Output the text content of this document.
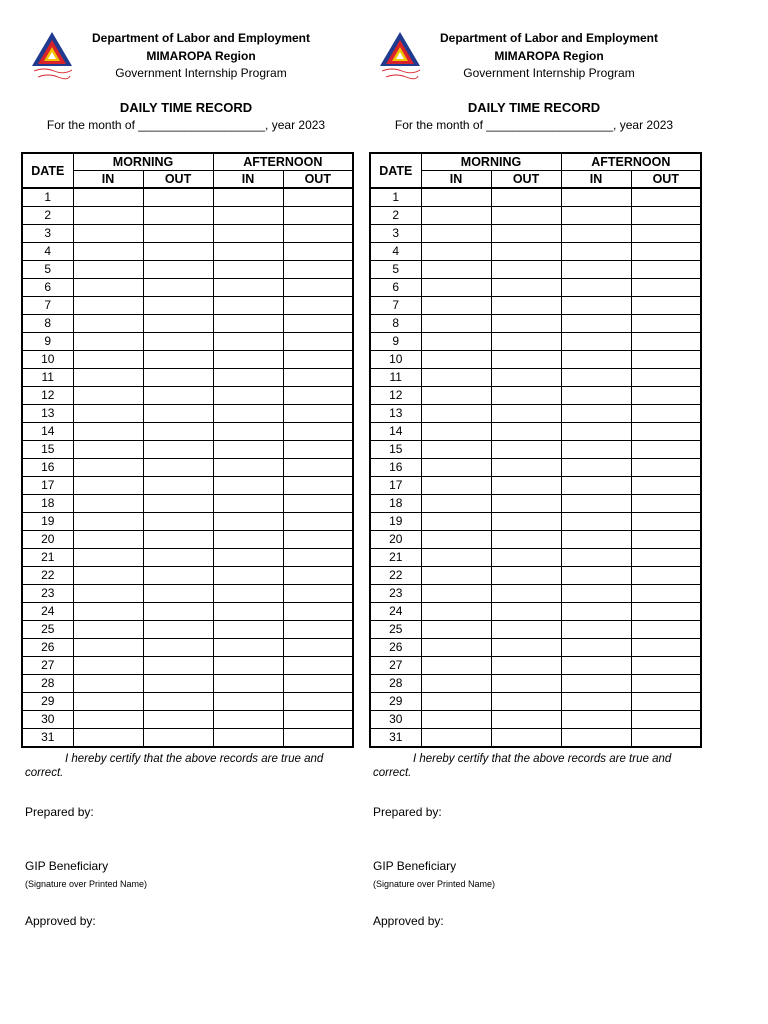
Department of Labor and Employment
MIMAROPA Region
Government Internship Program
DAILY TIME RECORD
For the month of ___________________, year 2023
DATE	MORNING		AFTERNOON	
	IN	OUT	IN	OUT
1				
2				
3				
4				
5				
6				
7				
8				
9				
10				
11				
12				
13				
14				
15				
16				
17				
18				
19				
20				
21				
22				
23				
24				
25				
26				
27				
28				
29				
30				
31				
I hereby certify that the above records are true and correct.
Prepared by:
GIP Beneficiary
(Signature over Printed Name)
Approved by:
Department of Labor and Employment
MIMAROPA Region
Government Internship Program
DAILY TIME RECORD
For the month of ___________________, year 2023
DATE	MORNING		AFTERNOON	
	IN	OUT	IN	OUT
1				
2				
3				
4				
5				
6				
7				
8				
9				
10				
11				
12				
13				
14				
15				
16				
17				
18				
19				
20				
21				
22				
23				
24				
25				
26				
27				
28				
29				
30				
31				
I hereby certify that the above records are true and correct.
Prepared by:
GIP Beneficiary
(Signature over Printed Name)
Approved by:
